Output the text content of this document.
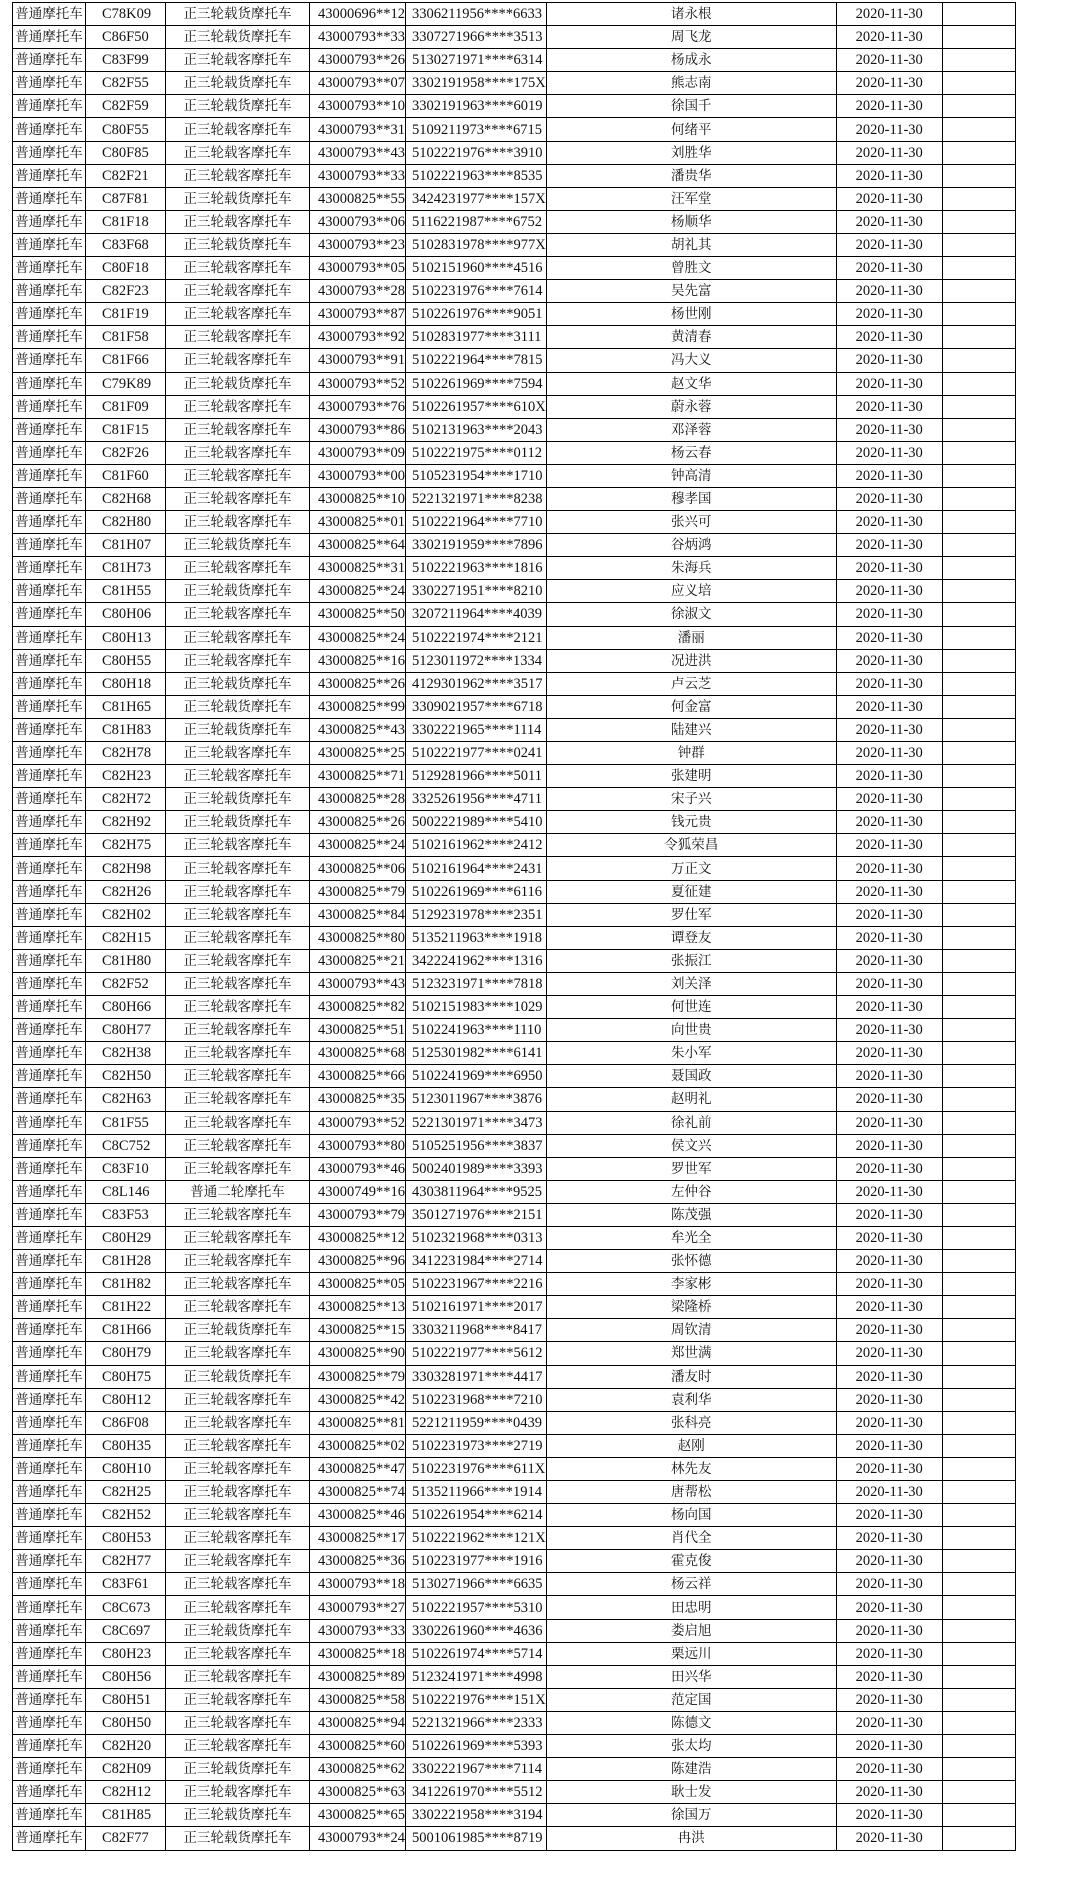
普通摩托车	C78K09	正三轮载货摩托车	43000696**12	3306211956****6633	诸永根	2020-11-30	
普通摩托车	C86F50	正三轮载货摩托车	43000793**33	3307271966****3513	周飞龙	2020-11-30	
普通摩托车	C83F99	正三轮载客摩托车	43000793**26	5130271971****6314	杨成永	2020-11-30	
普通摩托车	C82F55	正三轮载货摩托车	43000793**07	3302191958****175X	熊志南	2020-11-30	
普通摩托车	C82F59	正三轮载货摩托车	43000793**10	3302191963****6019	徐国千	2020-11-30	
普通摩托车	C80F55	正三轮载客摩托车	43000793**31	5109211973****6715	何绪平	2020-11-30	
普通摩托车	C80F85	正三轮载客摩托车	43000793**43	5102221976****3910	刘胜华	2020-11-30	
普通摩托车	C82F21	正三轮载客摩托车	43000793**33	5102221963****8535	潘贵华	2020-11-30	
普通摩托车	C87F81	正三轮载货摩托车	43000825**55	3424231977****157X	汪军堂	2020-11-30	
普通摩托车	C81F18	正三轮载客摩托车	43000793**06	5116221987****6752	杨顺华	2020-11-30	
普通摩托车	C83F68	正三轮载货摩托车	43000793**23	5102831978****977X	胡礼其	2020-11-30	
普通摩托车	C80F18	正三轮载客摩托车	43000793**05	5102151960****4516	曾胜文	2020-11-30	
普通摩托车	C82F23	正三轮载客摩托车	43000793**28	5102231976****7614	吴先富	2020-11-30	
普通摩托车	C81F19	正三轮载客摩托车	43000793**87	5102261976****9051	杨世刚	2020-11-30	
普通摩托车	C81F58	正三轮载客摩托车	43000793**92	5102831977****3111	黄清春	2020-11-30	
普通摩托车	C81F66	正三轮载客摩托车	43000793**91	5102221964****7815	冯大义	2020-11-30	
普通摩托车	C79K89	正三轮载货摩托车	43000793**52	5102261969****7594	赵文华	2020-11-30	
普通摩托车	C81F09	正三轮载客摩托车	43000793**76	5102261957****610X	蔚永蓉	2020-11-30	
普通摩托车	C81F15	正三轮载客摩托车	43000793**86	5102131963****2043	邓泽蓉	2020-11-30	
普通摩托车	C82F26	正三轮载客摩托车	43000793**09	5102221975****0112	杨云春	2020-11-30	
普通摩托车	C81F60	正三轮载客摩托车	43000793**00	5105231954****1710	钟高清	2020-11-30	
普通摩托车	C82H68	正三轮载客摩托车	43000825**10	5221321971****8238	穆孝国	2020-11-30	
普通摩托车	C82H80	正三轮载客摩托车	43000825**01	5102221964****7710	张兴可	2020-11-30	
普通摩托车	C81H07	正三轮载货摩托车	43000825**64	3302191959****7896	谷炳鸿	2020-11-30	
普通摩托车	C81H73	正三轮载客摩托车	43000825**31	5102221963****1816	朱海兵	2020-11-30	
普通摩托车	C81H55	正三轮载货摩托车	43000825**24	3302271951****8210	应义培	2020-11-30	
普通摩托车	C80H06	正三轮载客摩托车	43000825**50	3207211964****4039	徐淑文	2020-11-30	
普通摩托车	C80H13	正三轮载客摩托车	43000825**24	5102221974****2121	潘丽	2020-11-30	
普通摩托车	C80H55	正三轮载客摩托车	43000825**16	5123011972****1334	况进洪	2020-11-30	
普通摩托车	C80H18	正三轮载货摩托车	43000825**26	4129301962****3517	卢云芝	2020-11-30	
普通摩托车	C81H65	正三轮载货摩托车	43000825**99	3309021957****6718	何金富	2020-11-30	
普通摩托车	C81H83	正三轮载货摩托车	43000825**43	3302221965****1114	陆建兴	2020-11-30	
普通摩托车	C82H78	正三轮载客摩托车	43000825**25	5102221977****0241	钟群	2020-11-30	
普通摩托车	C82H23	正三轮载客摩托车	43000825**71	5129281966****5011	张建明	2020-11-30	
普通摩托车	C82H72	正三轮载货摩托车	43000825**28	3325261956****4711	宋子兴	2020-11-30	
普通摩托车	C82H92	正三轮载货摩托车	43000825**26	5002221989****5410	钱元贵	2020-11-30	
普通摩托车	C82H75	正三轮载客摩托车	43000825**24	5102161962****2412	令狐荣昌	2020-11-30	
普通摩托车	C82H98	正三轮载客摩托车	43000825**06	5102161964****2431	万正文	2020-11-30	
普通摩托车	C82H26	正三轮载客摩托车	43000825**79	5102261969****6116	夏征建	2020-11-30	
普通摩托车	C82H02	正三轮载客摩托车	43000825**84	5129231978****2351	罗仕军	2020-11-30	
普通摩托车	C82H15	正三轮载客摩托车	43000825**80	5135211963****1918	谭登友	2020-11-30	
普通摩托车	C81H80	正三轮载客摩托车	43000825**21	3422241962****1316	张振江	2020-11-30	
普通摩托车	C82F52	正三轮载客摩托车	43000793**43	5123231971****7818	刘关泽	2020-11-30	
普通摩托车	C80H66	正三轮载客摩托车	43000825**82	5102151983****1029	何世连	2020-11-30	
普通摩托车	C80H77	正三轮载客摩托车	43000825**51	5102241963****1110	向世贵	2020-11-30	
普通摩托车	C82H38	正三轮载客摩托车	43000825**68	5125301982****6141	朱小军	2020-11-30	
普通摩托车	C82H50	正三轮载客摩托车	43000825**66	5102241969****6950	聂国政	2020-11-30	
普通摩托车	C82H63	正三轮载客摩托车	43000825**35	5123011967****3876	赵明礼	2020-11-30	
普通摩托车	C81F55	正三轮载客摩托车	43000793**52	5221301971****3473	徐礼前	2020-11-30	
普通摩托车	C8C752	正三轮载客摩托车	43000793**80	5105251956****3837	侯文兴	2020-11-30	
普通摩托车	C83F10	正三轮载客摩托车	43000793**46	5002401989****3393	罗世军	2020-11-30	
普通摩托车	C8L146	普通二轮摩托车	43000749**16	4303811964****9525	左仲谷	2020-11-30	
普通摩托车	C83F53	正三轮载客摩托车	43000793**79	3501271976****2151	陈茂强	2020-11-30	
普通摩托车	C80H29	正三轮载客摩托车	43000825**12	5102321968****0313	牟光全	2020-11-30	
普通摩托车	C81H28	正三轮载客摩托车	43000825**96	3412231984****2714	张怀德	2020-11-30	
普通摩托车	C81H82	正三轮载客摩托车	43000825**05	5102231967****2216	李家彬	2020-11-30	
普通摩托车	C81H22	正三轮载客摩托车	43000825**13	5102161971****2017	梁隆桥	2020-11-30	
普通摩托车	C81H66	正三轮载货摩托车	43000825**15	3303211968****8417	周钦清	2020-11-30	
普通摩托车	C80H79	正三轮载客摩托车	43000825**90	5102221977****5612	郑世满	2020-11-30	
普通摩托车	C80H75	正三轮载货摩托车	43000825**79	3303281971****4417	潘友时	2020-11-30	
普通摩托车	C80H12	正三轮载客摩托车	43000825**42	5102231968****7210	袁利华	2020-11-30	
普通摩托车	C86F08	正三轮载客摩托车	43000825**81	5221211959****0439	张科亮	2020-11-30	
普通摩托车	C80H35	正三轮载客摩托车	43000825**02	5102231973****2719	赵刚	2020-11-30	
普通摩托车	C80H10	正三轮载客摩托车	43000825**47	5102231976****611X	林先友	2020-11-30	
普通摩托车	C82H25	正三轮载客摩托车	43000825**74	5135211966****1914	唐帮松	2020-11-30	
普通摩托车	C82H52	正三轮载客摩托车	43000825**46	5102261954****6214	杨向国	2020-11-30	
普通摩托车	C80H53	正三轮载客摩托车	43000825**17	5102221962****121X	肖代全	2020-11-30	
普通摩托车	C82H77	正三轮载客摩托车	43000825**36	5102231977****1916	霍克俊	2020-11-30	
普通摩托车	C83F61	正三轮载客摩托车	43000793**18	5130271966****6635	杨云祥	2020-11-30	
普通摩托车	C8C673	正三轮载客摩托车	43000793**27	5102221957****5310	田忠明	2020-11-30	
普通摩托车	C8C697	正三轮载货摩托车	43000793**33	3302261960****4636	娄启旭	2020-11-30	
普通摩托车	C80H23	正三轮载客摩托车	43000825**18	5102261974****5714	栗远川	2020-11-30	
普通摩托车	C80H56	正三轮载客摩托车	43000825**89	5123241971****4998	田兴华	2020-11-30	
普通摩托车	C80H51	正三轮载客摩托车	43000825**58	5102221976****151X	范定国	2020-11-30	
普通摩托车	C80H50	正三轮载客摩托车	43000825**94	5221321966****2333	陈德文	2020-11-30	
普通摩托车	C82H20	正三轮载客摩托车	43000825**60	5102261969****5393	张太均	2020-11-30	
普通摩托车	C82H09	正三轮载货摩托车	43000825**62	3302221967****7114	陈建浩	2020-11-30	
普通摩托车	C82H12	正三轮载客摩托车	43000825**63	3412261970****5512	耿士发	2020-11-30	
普通摩托车	C81H85	正三轮载货摩托车	43000825**65	3302221958****3194	徐国万	2020-11-30	
普通摩托车	C82F77	正三轮载货摩托车	43000793**24	5001061985****8719	冉洪	2020-11-30	
